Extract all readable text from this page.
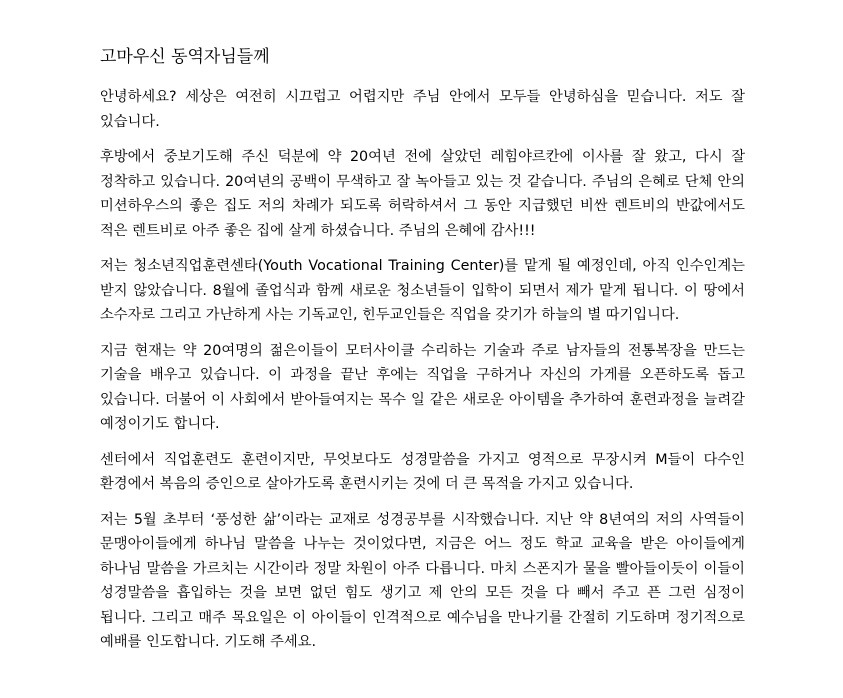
고마우신 동역자님들께

안녕하세요? 세상은 여전히 시끄럽고 어렵지만 주님 안에서 모두들 안녕하심을 믿습니다. 저도 잘 있습니다.

후방에서 중보기도해 주신 덕분에 약 20여년 전에 살았던 레힘야르칸에 이사를 잘 왔고, 다시 잘 정착하고 있습니다. 20여년의 공백이 무색하고 잘 녹아들고 있는 것 같습니다. 주님의 은혜로 단체 안의 미션하우스의 좋은 집도 저의 차례가 되도록 허락하셔서 그 동안 지급했던 비싼 렌트비의 반값에서도 적은 렌트비로 아주 좋은 집에 살게 하셨습니다. 주님의 은혜에 감사!!!

저는 청소년직업훈련센타(Youth Vocational Training Center)를 맡게 될 예정인데, 아직 인수인계는 받지 않았습니다. 8월에 졸업식과 함께 새로운 청소년들이 입학이 되면서 제가 맡게 됩니다. 이 땅에서 소수자로 그리고 가난하게 사는 기독교인, 힌두교인들은 직업을 갖기가 하늘의 별 따기입니다.

지금 현재는 약 20여명의 젊은이들이 모터사이클 수리하는 기술과 주로 남자들의 전통복장을 만드는 기술을 배우고 있습니다. 이 과정을 끝난 후에는 직업을 구하거나 자신의 가게를 오픈하도록 돕고 있습니다. 더불어 이 사회에서 받아들여지는 목수 일 같은 새로운 아이템을 추가하여 훈련과정을 늘려갈 예정이기도 합니다.

센터에서 직업훈련도 훈련이지만, 무엇보다도 성경말씀을 가지고 영적으로 무장시켜 M들이 다수인 환경에서 복음의 증인으로 살아가도록 훈련시키는 것에 더 큰 목적을 가지고 있습니다.

저는 5월 초부터 ‘풍성한 삶’이라는 교재로 성경공부를 시작했습니다. 지난 약 8년여의 저의 사역들이 문맹아이들에게 하나님 말씀을 나누는 것이었다면, 지금은 어느 정도 학교 교육을 받은 아이들에게 하나님 말씀을 가르치는 시간이라 정말 차원이 아주 다릅니다. 마치 스폰지가 물을 빨아들이듯이 이들이 성경말씀을 흡입하는 것을 보면 없던 힘도 생기고 제 안의 모든 것을 다 빼서 주고 픈 그런 심정이 됩니다. 그리고 매주 목요일은 이 아이들이 인격적으로 예수님을 만나기를 간절히 기도하며 정기적으로 예배를 인도합니다. 기도해 주세요.
